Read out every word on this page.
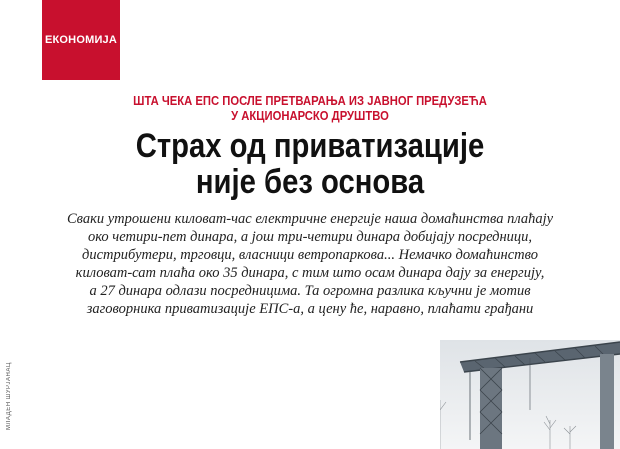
ЕКОНОМИЈА
ШТА ЧЕКА ЕПС ПОСЛЕ ПРЕТВАРАЊА ИЗ ЈАВНОГ ПРЕДУЗЕЋА
У АКЦИОНАРСКО ДРУШТВО
Страх од приватизације
није без основа
Сваки утрошени киловат-час електричне енергије наша домаћинства плаћају
око четири-пет динара, а још три-четири динара добијају посредници,
дистрибутери, трговци, власници ветропаркова... Немачко домаћинство
киловат-сат плаћа око 35 динара, с тим што осам динара дају за енергију,
а 27 динара одлази посредницима. Та огромна разлика кључни је мотив
заговорника приватизације ЕПС-а, а цену ће, наравно, плаћати грађани
МЛАДЕН ШУРЈАНАЦ
